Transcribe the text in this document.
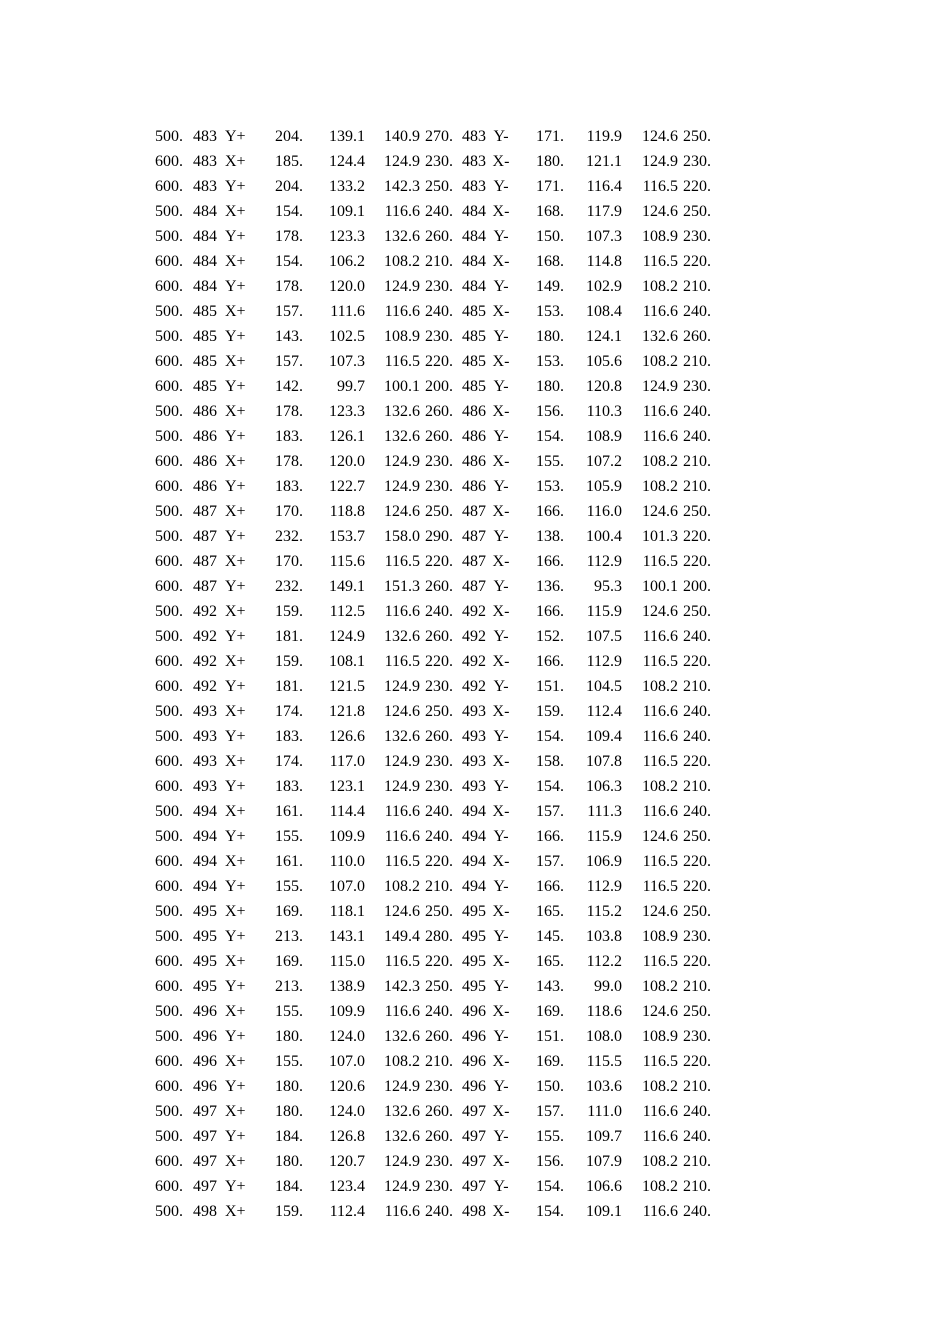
500.	483	Y+	204.	139.1	140.9	270.	483	Y-	171.	119.9	124.6	250.
600.	483	X+	185.	124.4	124.9	230.	483	X-	180.	121.1	124.9	230.
600.	483	Y+	204.	133.2	142.3	250.	483	Y-	171.	116.4	116.5	220.
500.	484	X+	154.	109.1	116.6	240.	484	X-	168.	117.9	124.6	250.
500.	484	Y+	178.	123.3	132.6	260.	484	Y-	150.	107.3	108.9	230.
600.	484	X+	154.	106.2	108.2	210.	484	X-	168.	114.8	116.5	220.
600.	484	Y+	178.	120.0	124.9	230.	484	Y-	149.	102.9	108.2	210.
500.	485	X+	157.	111.6	116.6	240.	485	X-	153.	108.4	116.6	240.
500.	485	Y+	143.	102.5	108.9	230.	485	Y-	180.	124.1	132.6	260.
600.	485	X+	157.	107.3	116.5	220.	485	X-	153.	105.6	108.2	210.
600.	485	Y+	142.	99.7	100.1	200.	485	Y-	180.	120.8	124.9	230.
500.	486	X+	178.	123.3	132.6	260.	486	X-	156.	110.3	116.6	240.
500.	486	Y+	183.	126.1	132.6	260.	486	Y-	154.	108.9	116.6	240.
600.	486	X+	178.	120.0	124.9	230.	486	X-	155.	107.2	108.2	210.
600.	486	Y+	183.	122.7	124.9	230.	486	Y-	153.	105.9	108.2	210.
500.	487	X+	170.	118.8	124.6	250.	487	X-	166.	116.0	124.6	250.
500.	487	Y+	232.	153.7	158.0	290.	487	Y-	138.	100.4	101.3	220.
600.	487	X+	170.	115.6	116.5	220.	487	X-	166.	112.9	116.5	220.
600.	487	Y+	232.	149.1	151.3	260.	487	Y-	136.	95.3	100.1	200.
500.	492	X+	159.	112.5	116.6	240.	492	X-	166.	115.9	124.6	250.
500.	492	Y+	181.	124.9	132.6	260.	492	Y-	152.	107.5	116.6	240.
600.	492	X+	159.	108.1	116.5	220.	492	X-	166.	112.9	116.5	220.
600.	492	Y+	181.	121.5	124.9	230.	492	Y-	151.	104.5	108.2	210.
500.	493	X+	174.	121.8	124.6	250.	493	X-	159.	112.4	116.6	240.
500.	493	Y+	183.	126.6	132.6	260.	493	Y-	154.	109.4	116.6	240.
600.	493	X+	174.	117.0	124.9	230.	493	X-	158.	107.8	116.5	220.
600.	493	Y+	183.	123.1	124.9	230.	493	Y-	154.	106.3	108.2	210.
500.	494	X+	161.	114.4	116.6	240.	494	X-	157.	111.3	116.6	240.
500.	494	Y+	155.	109.9	116.6	240.	494	Y-	166.	115.9	124.6	250.
600.	494	X+	161.	110.0	116.5	220.	494	X-	157.	106.9	116.5	220.
600.	494	Y+	155.	107.0	108.2	210.	494	Y-	166.	112.9	116.5	220.
500.	495	X+	169.	118.1	124.6	250.	495	X-	165.	115.2	124.6	250.
500.	495	Y+	213.	143.1	149.4	280.	495	Y-	145.	103.8	108.9	230.
600.	495	X+	169.	115.0	116.5	220.	495	X-	165.	112.2	116.5	220.
600.	495	Y+	213.	138.9	142.3	250.	495	Y-	143.	99.0	108.2	210.
500.	496	X+	155.	109.9	116.6	240.	496	X-	169.	118.6	124.6	250.
500.	496	Y+	180.	124.0	132.6	260.	496	Y-	151.	108.0	108.9	230.
600.	496	X+	155.	107.0	108.2	210.	496	X-	169.	115.5	116.5	220.
600.	496	Y+	180.	120.6	124.9	230.	496	Y-	150.	103.6	108.2	210.
500.	497	X+	180.	124.0	132.6	260.	497	X-	157.	111.0	116.6	240.
500.	497	Y+	184.	126.8	132.6	260.	497	Y-	155.	109.7	116.6	240.
600.	497	X+	180.	120.7	124.9	230.	497	X-	156.	107.9	108.2	210.
600.	497	Y+	184.	123.4	124.9	230.	497	Y-	154.	106.6	108.2	210.
500.	498	X+	159.	112.4	116.6	240.	498	X-	154.	109.1	116.6	240.
